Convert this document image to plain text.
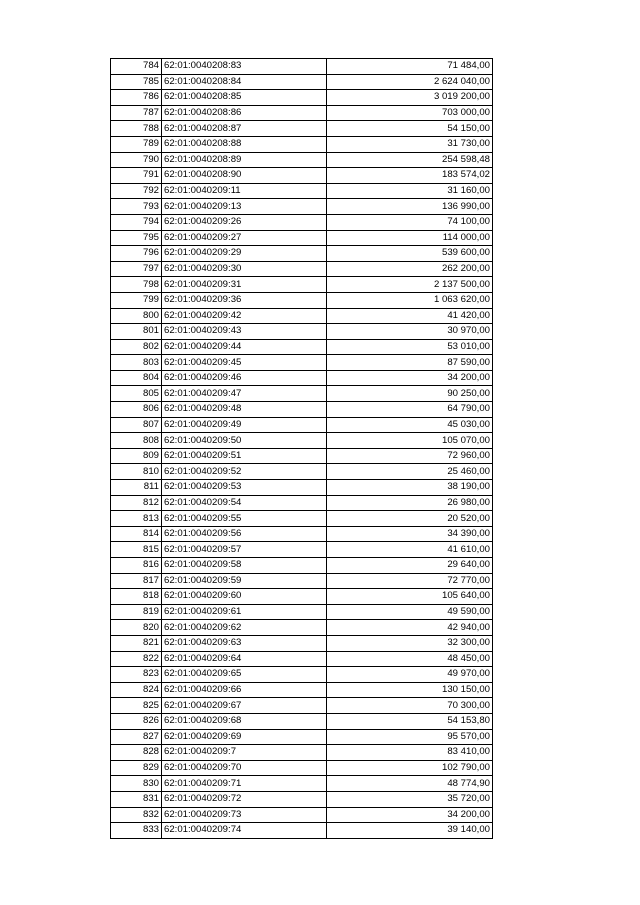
784	62:01:0040208:83	71 484,00
785	62:01:0040208:84	2 624 040,00
786	62:01:0040208:85	3 019 200,00
787	62:01:0040208:86	703 000,00
788	62:01:0040208:87	54 150,00
789	62:01:0040208:88	31 730,00
790	62:01:0040208:89	254 598,48
791	62:01:0040208:90	183 574,02
792	62:01:0040209:11	31 160,00
793	62:01:0040209:13	136 990,00
794	62:01:0040209:26	74 100,00
795	62:01:0040209:27	114 000,00
796	62:01:0040209:29	539 600,00
797	62:01:0040209:30	262 200,00
798	62:01:0040209:31	2 137 500,00
799	62:01:0040209:36	1 063 620,00
800	62:01:0040209:42	41 420,00
801	62:01:0040209:43	30 970,00
802	62:01:0040209:44	53 010,00
803	62:01:0040209:45	87 590,00
804	62:01:0040209:46	34 200,00
805	62:01:0040209:47	90 250,00
806	62:01:0040209:48	64 790,00
807	62:01:0040209:49	45 030,00
808	62:01:0040209:50	105 070,00
809	62:01:0040209:51	72 960,00
810	62:01:0040209:52	25 460,00
811	62:01:0040209:53	38 190,00
812	62:01:0040209:54	26 980,00
813	62:01:0040209:55	20 520,00
814	62:01:0040209:56	34 390,00
815	62:01:0040209:57	41 610,00
816	62:01:0040209:58	29 640,00
817	62:01:0040209:59	72 770,00
818	62:01:0040209:60	105 640,00
819	62:01:0040209:61	49 590,00
820	62:01:0040209:62	42 940,00
821	62:01:0040209:63	32 300,00
822	62:01:0040209:64	48 450,00
823	62:01:0040209:65	49 970,00
824	62:01:0040209:66	130 150,00
825	62:01:0040209:67	70 300,00
826	62:01:0040209:68	54 153,80
827	62:01:0040209:69	95 570,00
828	62:01:0040209:7	83 410,00
829	62:01:0040209:70	102 790,00
830	62:01:0040209:71	48 774,90
831	62:01:0040209:72	35 720,00
832	62:01:0040209:73	34 200,00
833	62:01:0040209:74	39 140,00
